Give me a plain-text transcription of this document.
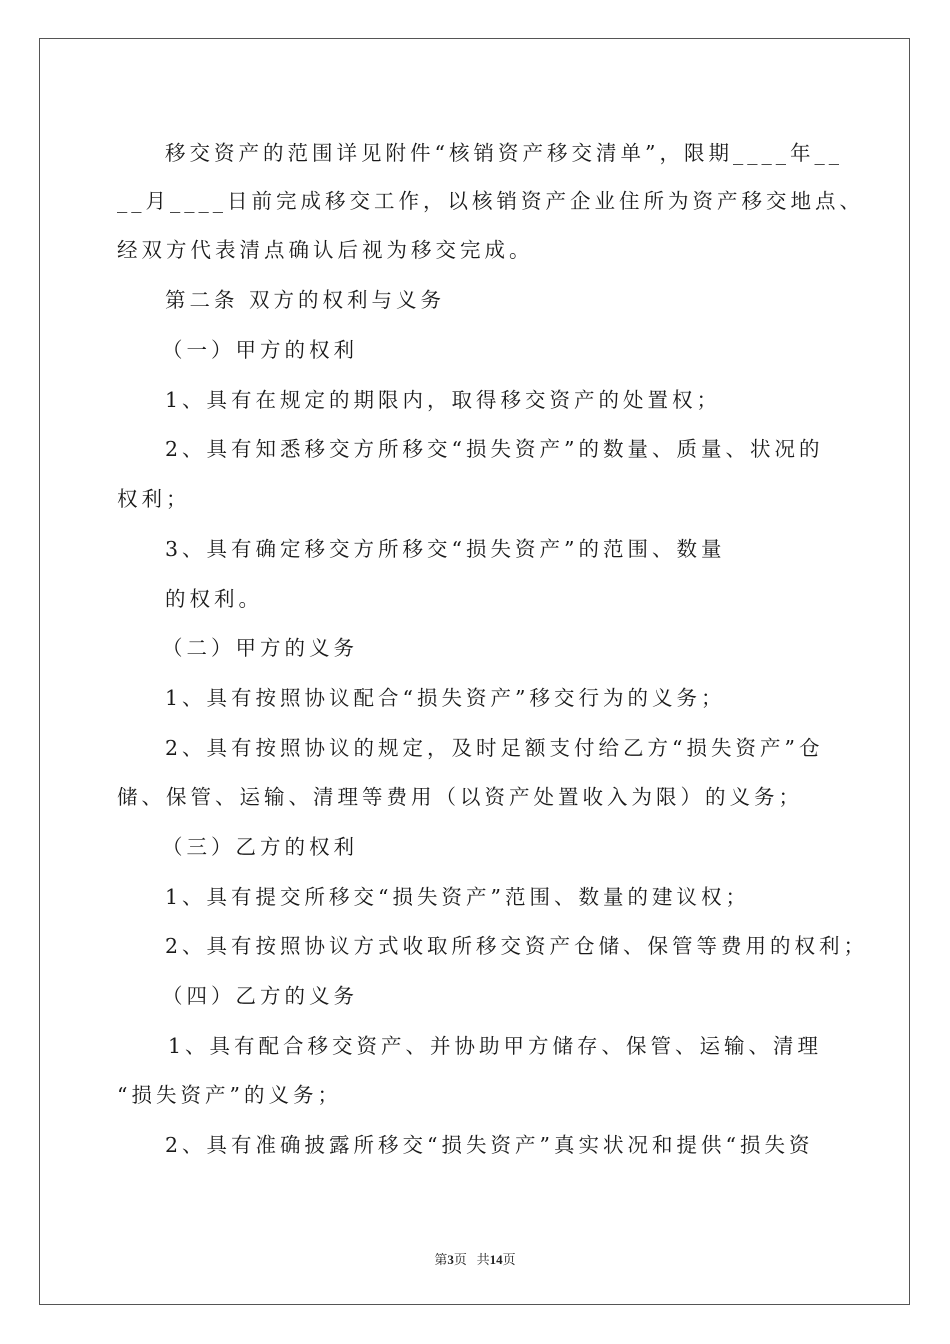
移交资产的范围详见附件“核销资产移交清单”，限期____年__
__月____日前完成移交工作，以核销资产企业住所为资产移交地点、
经双方代表清点确认后视为移交完成。
第二条 双方的权利与义务
（一）甲方的权利
1、具有在规定的期限内，取得移交资产的处置权；
2、具有知悉移交方所移交“损失资产”的数量、质量、状况的
权利；
3、具有确定移交方所移交“损失资产”的范围、数量
的权利。
（二）甲方的义务
1、具有按照协议配合“损失资产”移交行为的义务；
2、具有按照协议的规定，及时足额支付给乙方“损失资产”仓
储、保管、运输、清理等费用（以资产处置收入为限）的义务；
（三）乙方的权利
1、具有提交所移交“损失资产”范围、数量的建议权；
2、具有按照协议方式收取所移交资产仓储、保管等费用的权利；
（四）乙方的义务
1、具有配合移交资产、并协助甲方储存、保管、运输、清理
“损失资产”的义务；
2、具有准确披露所移交“损失资产”真实状况和提供“损失资
第3页 共14页
